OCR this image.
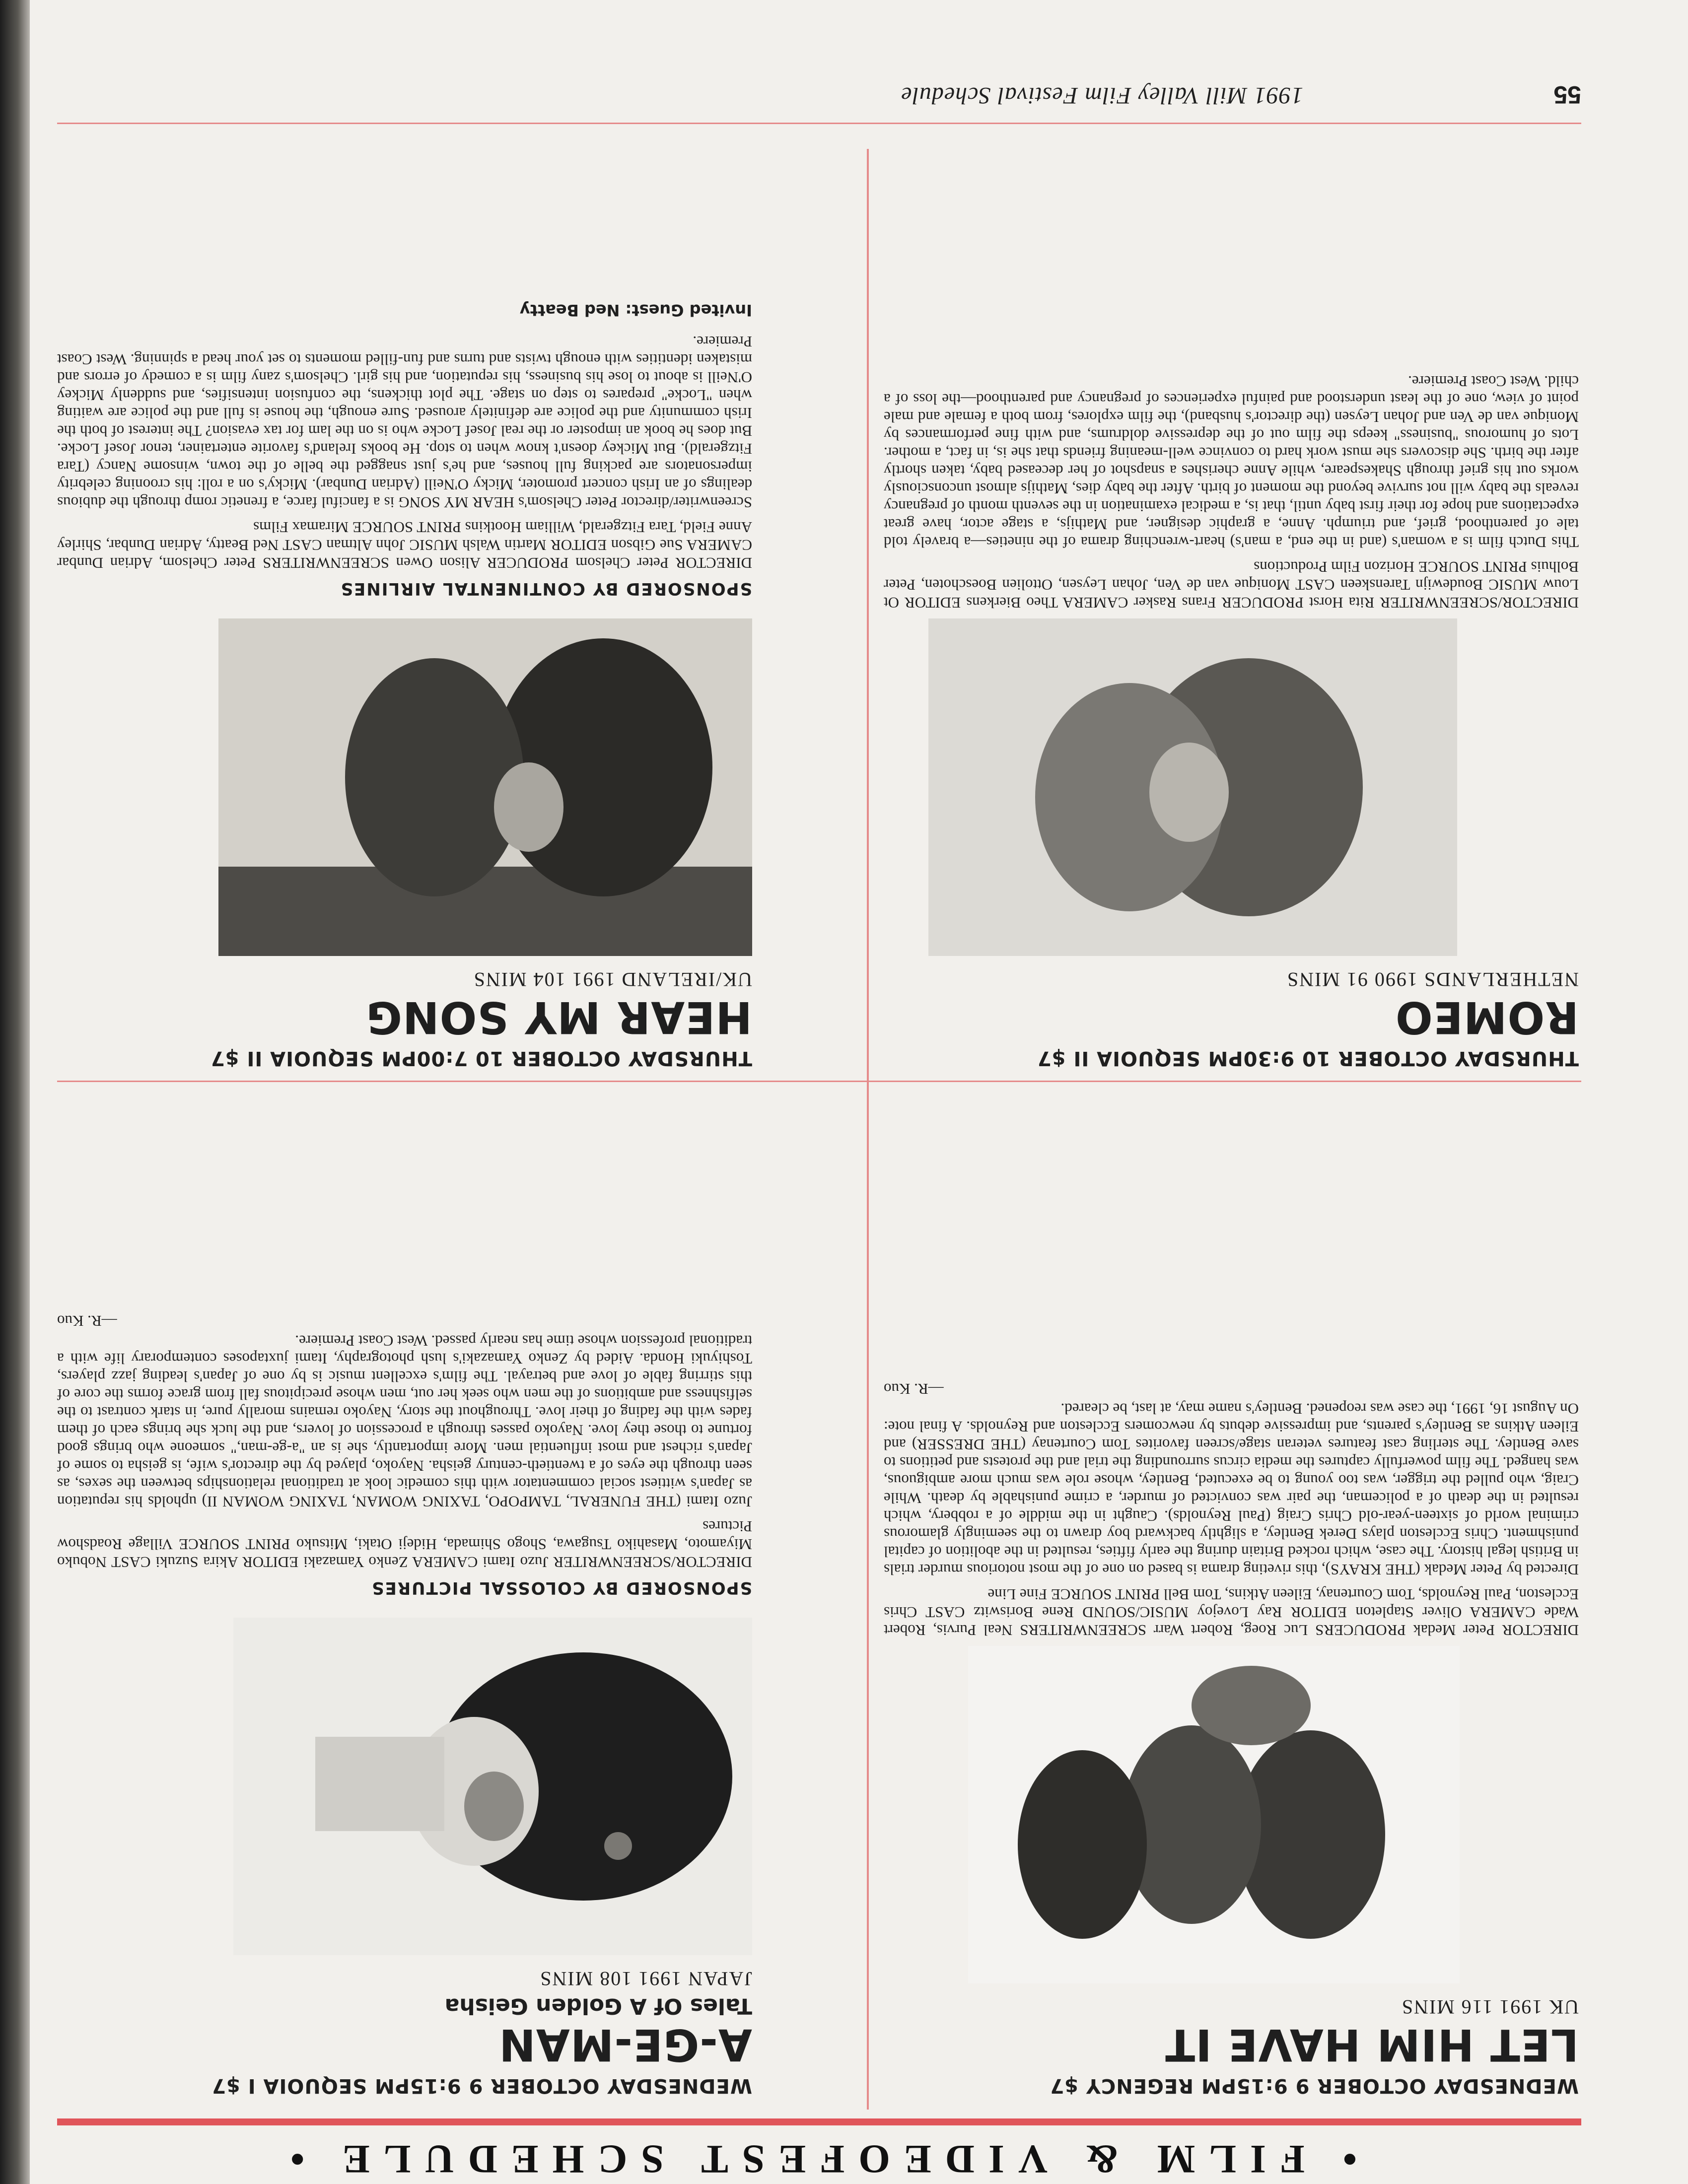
• FILM & VIDEOFEST SCHEDULE •
WEDNESDAY OCTOBER 9 9:15PM SEQUOIA I $7
A-GE-MAN
Tales Of A Golden Geisha
JAPAN 1991 108 MINS
SPONSORED BY COLOSSAL PICTURES
DIRECTOR/SCREENWRITER Juzo Itami CAMERA Zenko Yamazaki EDITOR Akira Suzuki CAST Nobuko Miyamoto, Masahiko Tsugawa, Shogo Shimada, Hideji Otaki, Mitsuko PRINT SOURCE Village Roadshow Pictures
Juzo Itami (THE FUNERAL, TAMPOPO, TAXING WOMAN, TAXING WOMAN II) upholds his reputation as Japan's wittiest social commentator with this comedic look at traditional relationships between the sexes, as seen through the eyes of a twentieth-century geisha. Nayoko, played by the director's wife, is geisha to some of Japan's richest and most influential men. More importantly, she is an "a-ge-man," someone who brings good fortune to those they love. Nayoko passes through a procession of lovers, and the luck she brings each of them fades with the fading of their love. Throughout the story, Nayoko remains morally pure, in stark contrast to the selfishness and ambitions of the men who seek her out, men whose precipitous fall from grace forms the core of this stirring fable of love and betrayal. The film's excellent music is by one of Japan's leading jazz players, Toshiyuki Honda. Aided by Zenko Yamazaki's lush photography, Itami juxtaposes contemporary life with a traditional profession whose time has nearly passed. West Coast Premiere.
—R. Kuo
WEDNESDAY OCTOBER 9 9:15PM REGENCY $7
LET HIM HAVE IT
UK 1991 116 MINS
DIRECTOR Peter Medak PRODUCERS Luc Roeg, Robert Warr SCREENWRITERS Neal Purvis, Robert Wade CAMERA Oliver Stapleton EDITOR Ray Lovejoy MUSIC/SOUND Rene Boriswitz CAST Chris Eccleston, Paul Reynolds, Tom Courtenay, Eileen Atkins, Tom Bell PRINT SOURCE Fine Line
Directed by Peter Medak (THE KRAYS), this riveting drama is based on one of the most notorious murder trials in British legal history. The case, which rocked Britain during the early fifties, resulted in the abolition of capital punishment. Chris Eccleston plays Derek Bentley, a slightly backward boy drawn to the seemingly glamorous criminal world of sixteen-year-old Chris Craig (Paul Reynolds). Caught in the middle of a robbery, which resulted in the death of a policeman, the pair was convicted of murder, a crime punishable by death. While Craig, who pulled the trigger, was too young to be executed, Bentley, whose role was much more ambiguous, was hanged. The film powerfully captures the media circus surrounding the trial and the protests and petitions to save Bentley. The sterling cast features veteran stage/screen favorites Tom Courtenay (THE DRESSER) and Eileen Atkins as Bentley's parents, and impressive debuts by newcomers Eccleston and Reynolds. A final note: On August 16, 1991, the case was reopened. Bentley's name may, at last, be cleared.
—R. Kuo
THURSDAY OCTOBER 10 7:00PM SEQUOIA II $7
HEAR MY SONG
UK/IRELAND 1991 104 MINS
SPONSORED BY CONTINENTAL AIRLINES
DIRECTOR Peter Chelsom PRODUCER Alison Owen SCREENWRITERS Peter Chelsom, Adrian Dunbar CAMERA Sue Gibson EDITOR Martin Walsh MUSIC John Altman CAST Ned Beatty, Adrian Dunbar, Shirley Anne Field, Tara Fitzgerald, William Hootkins PRINT SOURCE Miramax Films
Screenwriter/director Peter Chelsom's HEAR MY SONG is a fanciful farce, a frenetic romp through the dubious dealings of an Irish concert promoter, Micky O'Neill (Adrian Dunbar). Micky's on a roll: his crooning celebrity impersonators are packing full houses, and he's just snagged the belle of the town, winsome Nancy (Tara Fitzgerald). But Mickey doesn't know when to stop. He books Ireland's favorite entertainer, tenor Josef Locke. But does he book an imposter or the real Josef Locke who is on the lam for tax evasion? The interest of both the Irish community and the police are definitely aroused. Sure enough, the house is full and the police are waiting when "Locke" prepares to step on stage. The plot thickens, the confusion intensifies, and suddenly Mickey O'Neill is about to lose his business, his reputation, and his girl. Chelsom's zany film is a comedy of errors and mistaken identities with enough twists and turns and fun-filled moments to set your head a spinning. West Coast Premiere.
Invited Guest: Ned Beatty
THURSDAY OCTOBER 10 9:30PM SEQUOIA II $7
ROMEO
NETHERLANDS 1990 91 MINS
DIRECTOR/SCREENWRITER Rita Horst PRODUCER Frans Rasker CAMERA Theo Bierkens EDITOR Ot Louw MUSIC Boudewijn Tarenskeen CAST Monique van de Ven, Johan Leysen, Ottolien Boeschoten, Peter Bolhuis PRINT SOURCE Horizon Film Productions
This Dutch film is a woman's (and in the end, a man's) heart-wrenching drama of the nineties—a bravely told tale of parenthood, grief, and triumph. Anne, a graphic designer, and Mathijs, a stage actor, have great expectations and hope for their first baby until, that is, a medical examination in the seventh month of pregnancy reveals the baby will not survive beyond the moment of birth. After the baby dies, Mathijs almost unconsciously works out his grief through Shakespeare, while Anne cherishes a snapshot of her deceased baby, taken shortly after the birth. She discovers she must work hard to convince well-meaning friends that she is, in fact, a mother. Lots of humorous "business" keeps the film out of the depressive doldrums, and with fine performances by Monique van de Ven and Johan Leysen (the director's husband), the film explores, from both a female and male point of view, one of the least understood and painful experiences of pregnancy and parenthood—the loss of a child. West Coast Premiere.
55
1991 Mill Valley Film Festival Schedule
